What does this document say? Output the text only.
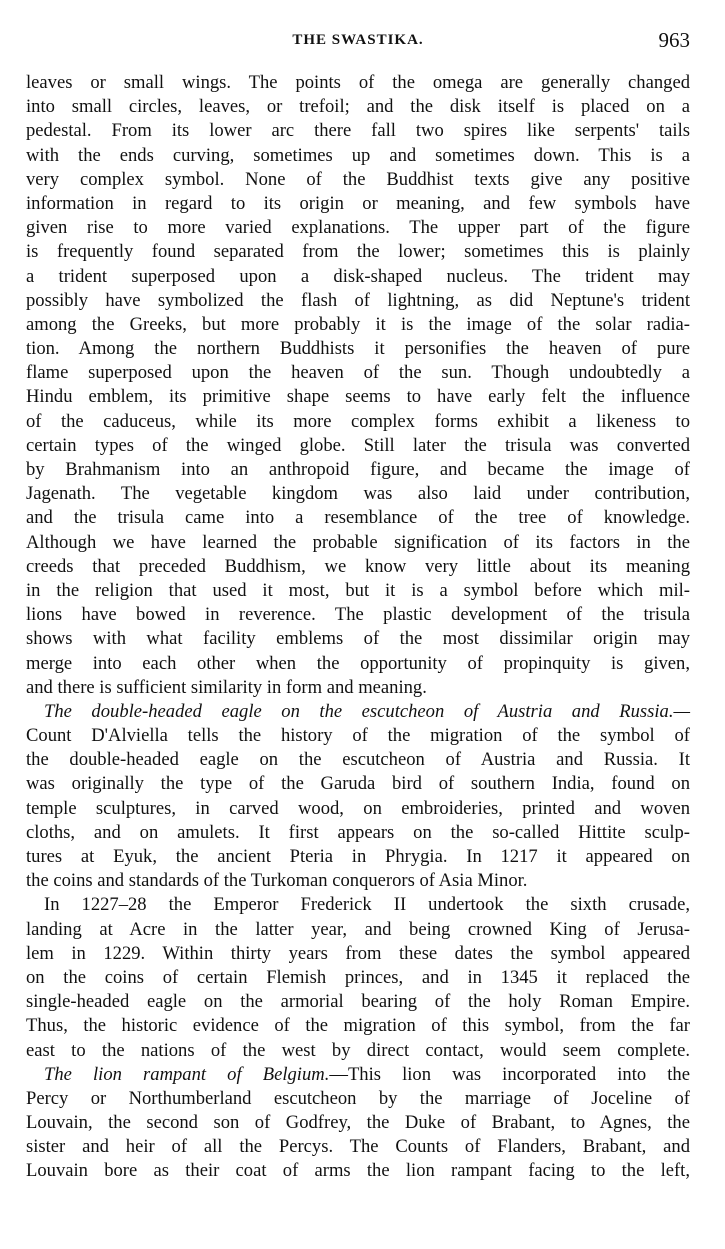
THE SWASTIKA.	963
leaves or small wings. The points of the omega are generally changed
into small circles, leaves, or trefoil; and the disk itself is placed on a
pedestal. From its lower arc there fall two spires like serpents' tails
with the ends curving, sometimes up and sometimes down. This is a
very complex symbol. None of the Buddhist texts give any positive
information in regard to its origin or meaning, and few symbols have
given rise to more varied explanations. The upper part of the figure
is frequently found separated from the lower; sometimes this is plainly
a trident superposed upon a disk-shaped nucleus. The trident may
possibly have symbolized the flash of lightning, as did Neptune's trident
among the Greeks, but more probably it is the image of the solar radia-
tion. Among the northern Buddhists it personifies the heaven of pure
flame superposed upon the heaven of the sun. Though undoubtedly a
Hindu emblem, its primitive shape seems to have early felt the influence
of the caduceus, while its more complex forms exhibit a likeness to
certain types of the winged globe. Still later the trisula was converted
by Brahmanism into an anthropoid figure, and became the image of
Jagenath. The vegetable kingdom was also laid under contribution,
and the trisula came into a resemblance of the tree of knowledge.
Although we have learned the probable signification of its factors in the
creeds that preceded Buddhism, we know very little about its meaning
in the religion that used it most, but it is a symbol before which mil-
lions have bowed in reverence. The plastic development of the trisula
shows with what facility emblems of the most dissimilar origin may
merge into each other when the opportunity of propinquity is given,
and there is sufficient similarity in form and meaning.
The double-headed eagle on the escutcheon of Austria and Russia.—
Count D'Alviella tells the history of the migration of the symbol of
the double-headed eagle on the escutcheon of Austria and Russia. It
was originally the type of the Garuda bird of southern India, found on
temple sculptures, in carved wood, on embroideries, printed and woven
cloths, and on amulets. It first appears on the so-called Hittite sculp-
tures at Eyuk, the ancient Pteria in Phrygia. In 1217 it appeared on
the coins and standards of the Turkoman conquerors of Asia Minor.
In 1227–28 the Emperor Frederick II undertook the sixth crusade,
landing at Acre in the latter year, and being crowned King of Jerusa-
lem in 1229. Within thirty years from these dates the symbol appeared
on the coins of certain Flemish princes, and in 1345 it replaced the
single-headed eagle on the armorial bearing of the holy Roman Empire.
Thus, the historic evidence of the migration of this symbol, from the far
east to the nations of the west by direct contact, would seem complete.
The lion rampant of Belgium.—This lion was incorporated into the
Percy or Northumberland escutcheon by the marriage of Joceline of
Louvain, the second son of Godfrey, the Duke of Brabant, to Agnes, the
sister and heir of all the Percys. The Counts of Flanders, Brabant, and
Louvain bore as their coat of arms the lion rampant facing to the left,
